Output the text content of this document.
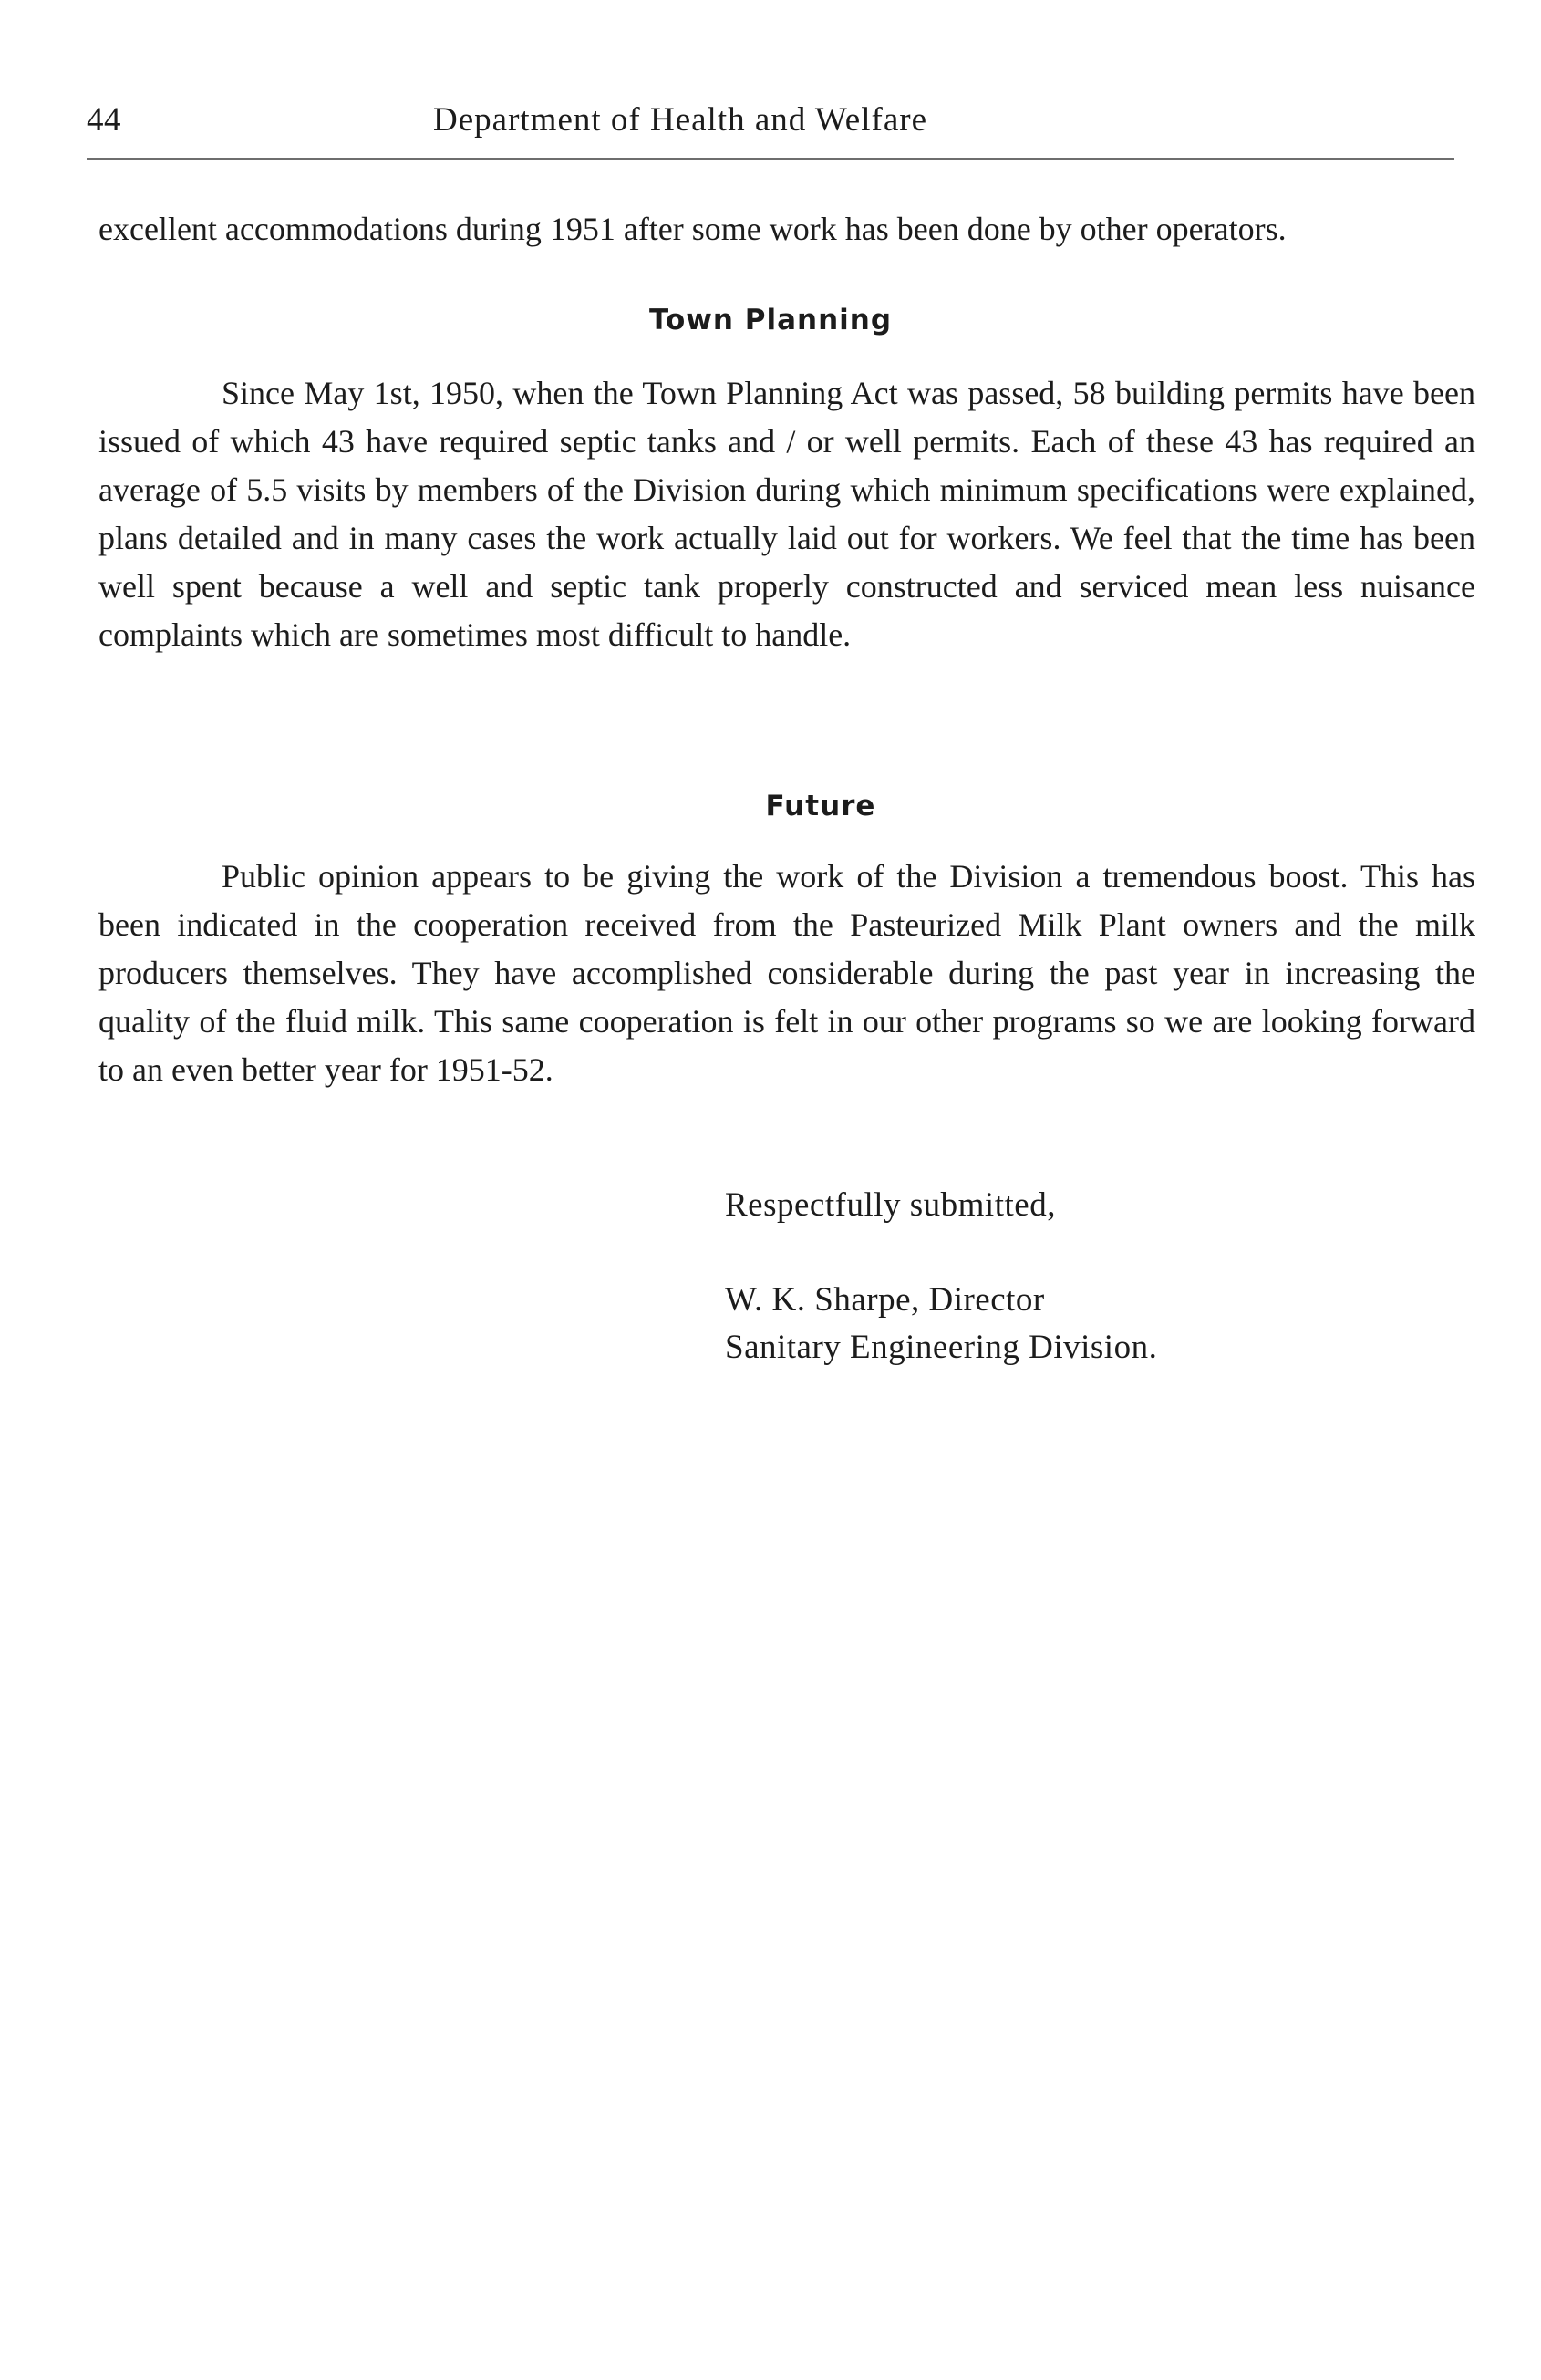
44	Department of Health and Welfare

excellent accommodations during 1951 after some work has been done by other operators.

Town Planning

Since May 1st, 1950, when the Town Planning Act was passed, 58 building permits have been issued of which 43 have required septic tanks and / or well permits. Each of these 43 has required an average of 5.5 visits by members of the Division during which minimum specifications were explained, plans detailed and in many cases the work actually laid out for workers. We feel that the time has been well spent because a well and septic tank properly constructed and serviced mean less nuisance complaints which are sometimes most difficult to handle.

Future

Public opinion appears to be giving the work of the Division a tremendous boost. This has been indicated in the cooperation received from the Pasteurized Milk Plant owners and the milk producers themselves. They have accomplished considerable during the past year in increasing the quality of the fluid milk. This same cooperation is felt in our other programs so we are looking forward to an even better year for 1951-52.

Respectfully submitted,
W. K. Sharpe, Director
Sanitary Engineering Division.
